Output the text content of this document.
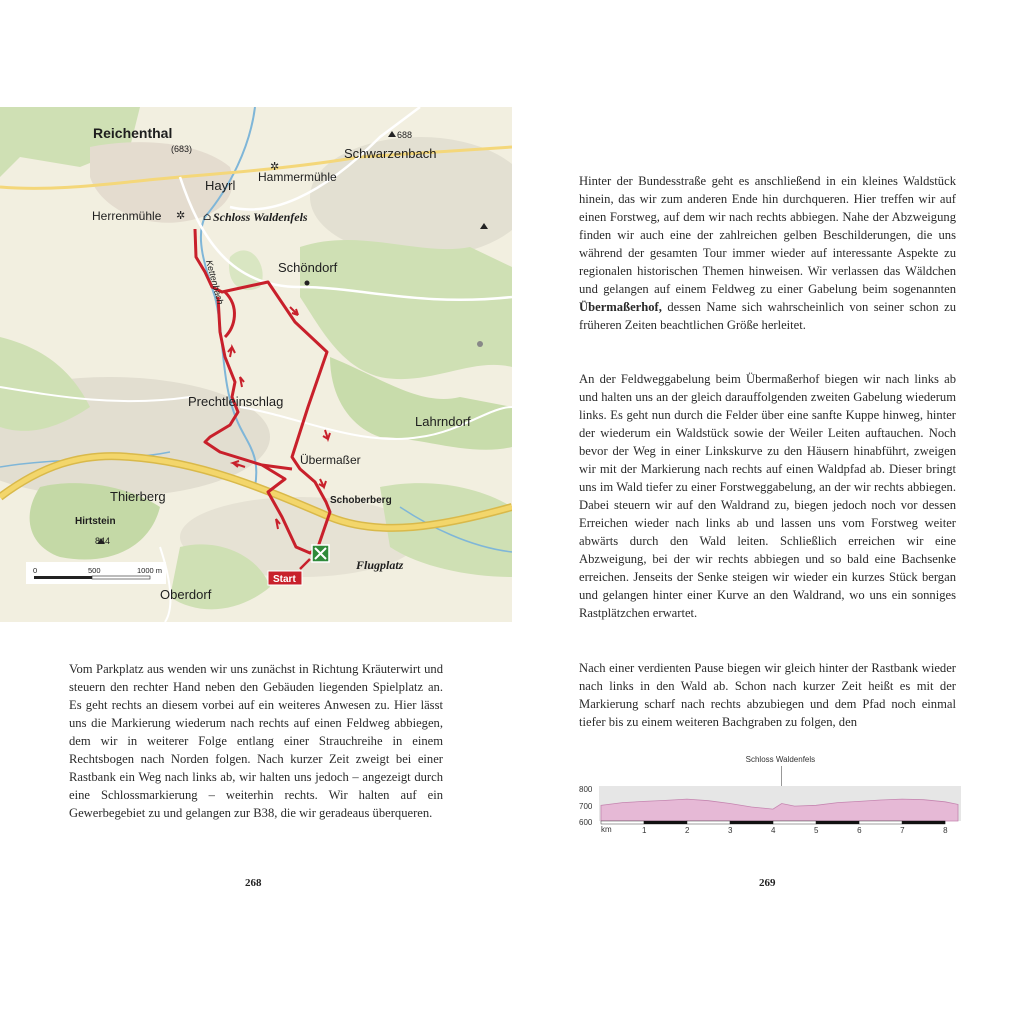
✲
✲
⌂
Start
Reichenthal
(683)
Hayrl
Hammermühle
Schwarzenbach
688
Herrenmühle	Schloss Waldenfels
Schöndorf
Kettenbach
Prechtleinschlag
Lahrndorf
Übermaßer
Thierberg	Schoberberg
Hirtstein
844
Flugplatz
Oberdorf
0	500	1000 m

Vom Parkplatz aus wenden wir uns zunächst in Richtung Kräuterwirt und steuern den rechter Hand neben den Gebäuden liegenden Spielplatz an. Es geht rechts an diesem vorbei auf ein weiteres Anwesen zu. Hier lässt uns die Markierung wiederum nach rechts auf einen Feldweg abbiegen, dem wir in weiterer Folge entlang einer Strauchreihe in einem Rechtsbogen nach Norden folgen. Nach kurzer Zeit zweigt bei einer Rastbank ein Weg nach links ab, wir halten uns jedoch – angezeigt durch eine Schlossmarkierung – weiterhin rechts. Wir halten auf ein Gewerbegebiet zu und gelangen zur B38, die wir geradeaus überqueren.

268

Hinter der Bundesstraße geht es anschließend in ein kleines Waldstück hinein, das wir zum anderen Ende hin durchqueren. Hier treffen wir auf einen Forstweg, auf dem wir nach rechts abbiegen. Nahe der Abzweigung finden wir auch eine der zahlreichen gelben Beschilderungen, die uns während der gesamten Tour immer wieder auf interessante Aspekte zu regionalen historischen Themen hinweisen. Wir verlassen das Wäldchen und gelangen auf einem Feldweg zu einer Gabelung beim sogenannten Übermaßerhof, dessen Name sich wahrscheinlich von seiner schon zu früheren Zeiten beachtlichen Größe herleitet.

An der Feldweggabelung beim Übermaßerhof biegen wir nach links ab und halten uns an der gleich darauffolgenden zweiten Gabelung wiederum links. Es geht nun durch die Felder über eine sanfte Kuppe hinweg, hinter der wiederum ein Waldstück sowie der Weiler Leiten auftauchen. Noch bevor der Weg in einer Linkskurve zu den Häusern hinabführt, zweigen wir mit der Markierung nach rechts auf einen Waldpfad ab. Dieser bringt uns im Wald tiefer zu einer Forstweggabelung, an der wir rechts abbiegen. Dabei steuern wir auf den Waldrand zu, biegen jedoch noch vor dessen Erreichen wieder nach links ab und lassen uns vom Forstweg weiter abwärts durch den Wald leiten. Schließlich erreichen wir eine Abzweigung, bei der wir rechts abbiegen und so bald eine Bachsenke erreichen. Jenseits der Senke steigen wir wieder ein kurzes Stück bergan und gelangen hinter einer Kurve an den Waldrand, wo uns ein sonniges Rastplätzchen erwartet.

Nach einer verdienten Pause biegen wir gleich hinter der Rastbank wieder nach links in den Wald ab. Schon nach kurzer Zeit heißt es mit der Markierung scharf nach rechts abzubiegen und dem Pfad noch einmal tiefer bis zu einem weiteren Bachgraben zu folgen, den

269
Schloss Waldenfels
800
700
600
1	2	3	4	5	6	7	8
km
